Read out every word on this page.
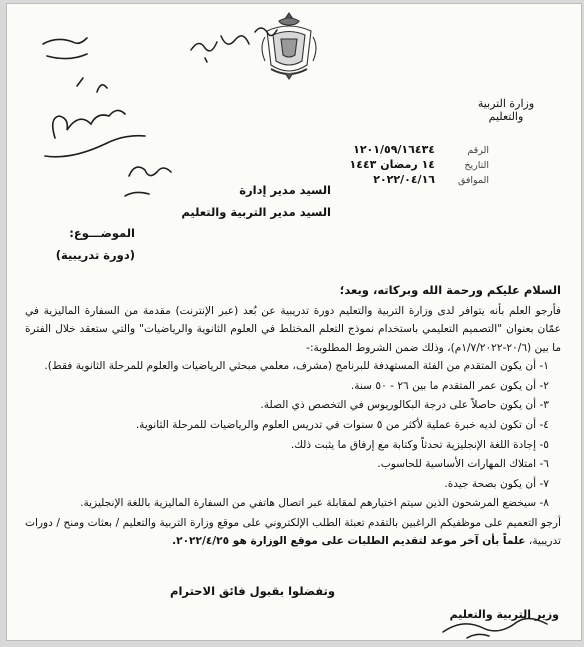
وزارة التربية والتعليم
الرقم
١٢٠١/٥٩/١٦٤٣٤
التاريخ
١٤ رمضان ١٤٤٣
الموافق
٢٠٢٢/٠٤/١٦
السيد مدير إدارة
السيد مدير التربية والتعليم
الموضـــوع:
(دورة تدريبية)
السلام عليكم ورحمة الله وبركاته، وبعد؛

فأرجو العلم بأنه يتوافر لدى وزارة التربية والتعليم دورة تدريبية عن بُعد (عبر الإنترنت) مقدمة من السفارة الماليزية في عمّان بعنوان "التصميم التعليمي باستخدام نموذج التعلم المختلط في العلوم الثانوية والرياضيات" والتي ستعقد خلال الفترة ما بين (٢٠/٦-١/٧/٢٠٢٢م)، وذلك ضمن الشروط المطلوبة:-

١- أن يكون المتقدم من الفئة المستهدفة للبرنامج (مشرف، معلمي مبحثي الرياضيات والعلوم للمرحلة الثانوية فقط).
٢- أن يكون عمر المتقدم ما بين ٢٦ - ٥٠ سنة.
٣- أن يكون حاصلاً على درجة البكالوريوس في التخصص ذي الصلة.
٤- أن تكون لديه خبرة عملية لأكثر من ٥ سنوات في تدريس العلوم والرياضيات للمرحلة الثانوية.
٥- إجادة اللغة الإنجليزية تحدثاً وكتابة مع إرفاق ما يثبت ذلك.
٦- امتلاك المهارات الأساسية للحاسوب.
٧- أن يكون بصحة جيدة.
٨- سيخضع المرشحون الذين سيتم اختيارهم لمقابلة عبر اتصال هاتفي من السفارة الماليزية باللغة الإنجليزية.

أرجو التعميم على موظفيكم الراغبين بالتقدم تعبئة الطلب الإلكتروني على موقع وزارة التربية والتعليم / بعثات ومنح / دورات تدريبية، علماً بأن آخر موعد لتقديم الطلبات على موقع الوزارة هو ٢٠٢٢/٤/٢٥.

وتفضلوا بقبول فائق الاحترام
وزير التربية والتعليم
